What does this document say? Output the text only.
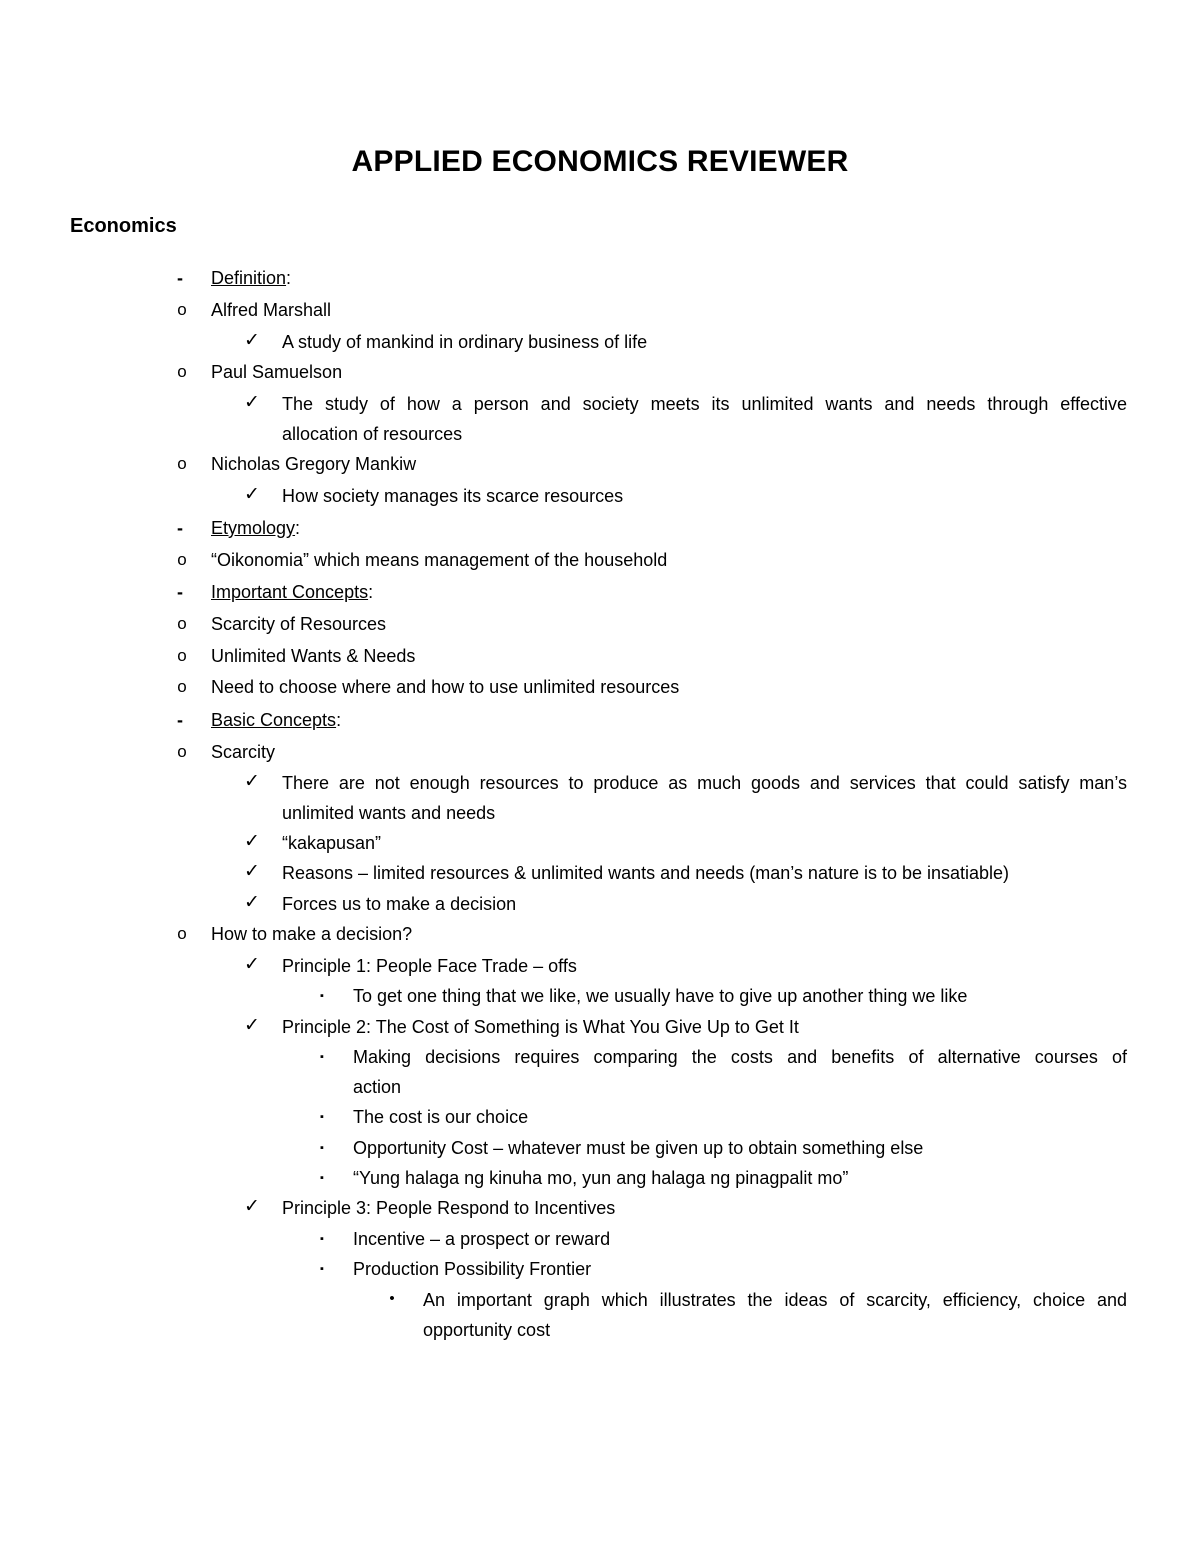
APPLIED ECONOMICS REVIEWER
Economics
-	Definition:
o Alfred Marshall
✓ A study of mankind in ordinary business of life
o Paul Samuelson
✓ The study of how a person and society meets its unlimited wants and needs through effective
allocation of resources
o Nicholas Gregory Mankiw
✓ How society manages its scarce resources
-	Etymology:
o “Oikonomia” which means management of the household
-	Important Concepts:
o Scarcity of Resources
o Unlimited Wants & Needs
o Need to choose where and how to use unlimited resources
-	Basic Concepts:
o Scarcity
✓ There are not enough resources to produce as much goods and services that could satisfy man’s
unlimited wants and needs
✓ “kakapusan”
✓ Reasons – limited resources & unlimited wants and needs (man’s nature is to be insatiable)
✓ Forces us to make a decision
o How to make a decision?
✓ Principle 1: People Face Trade – offs
▪	To get one thing that we like, we usually have to give up another thing we like
✓ Principle 2: The Cost of Something is What You Give Up to Get It
▪	Making decisions requires comparing the costs and benefits of alternative courses of
action
▪	The cost is our choice
▪	Opportunity Cost – whatever must be given up to obtain something else
▪	“Yung halaga ng kinuha mo, yun ang halaga ng pinagpalit mo”
✓ Principle 3: People Respond to Incentives
▪	Incentive – a prospect or reward
▪	Production Possibility Frontier
•	An important graph which illustrates the ideas of scarcity, efficiency, choice and
opportunity cost
